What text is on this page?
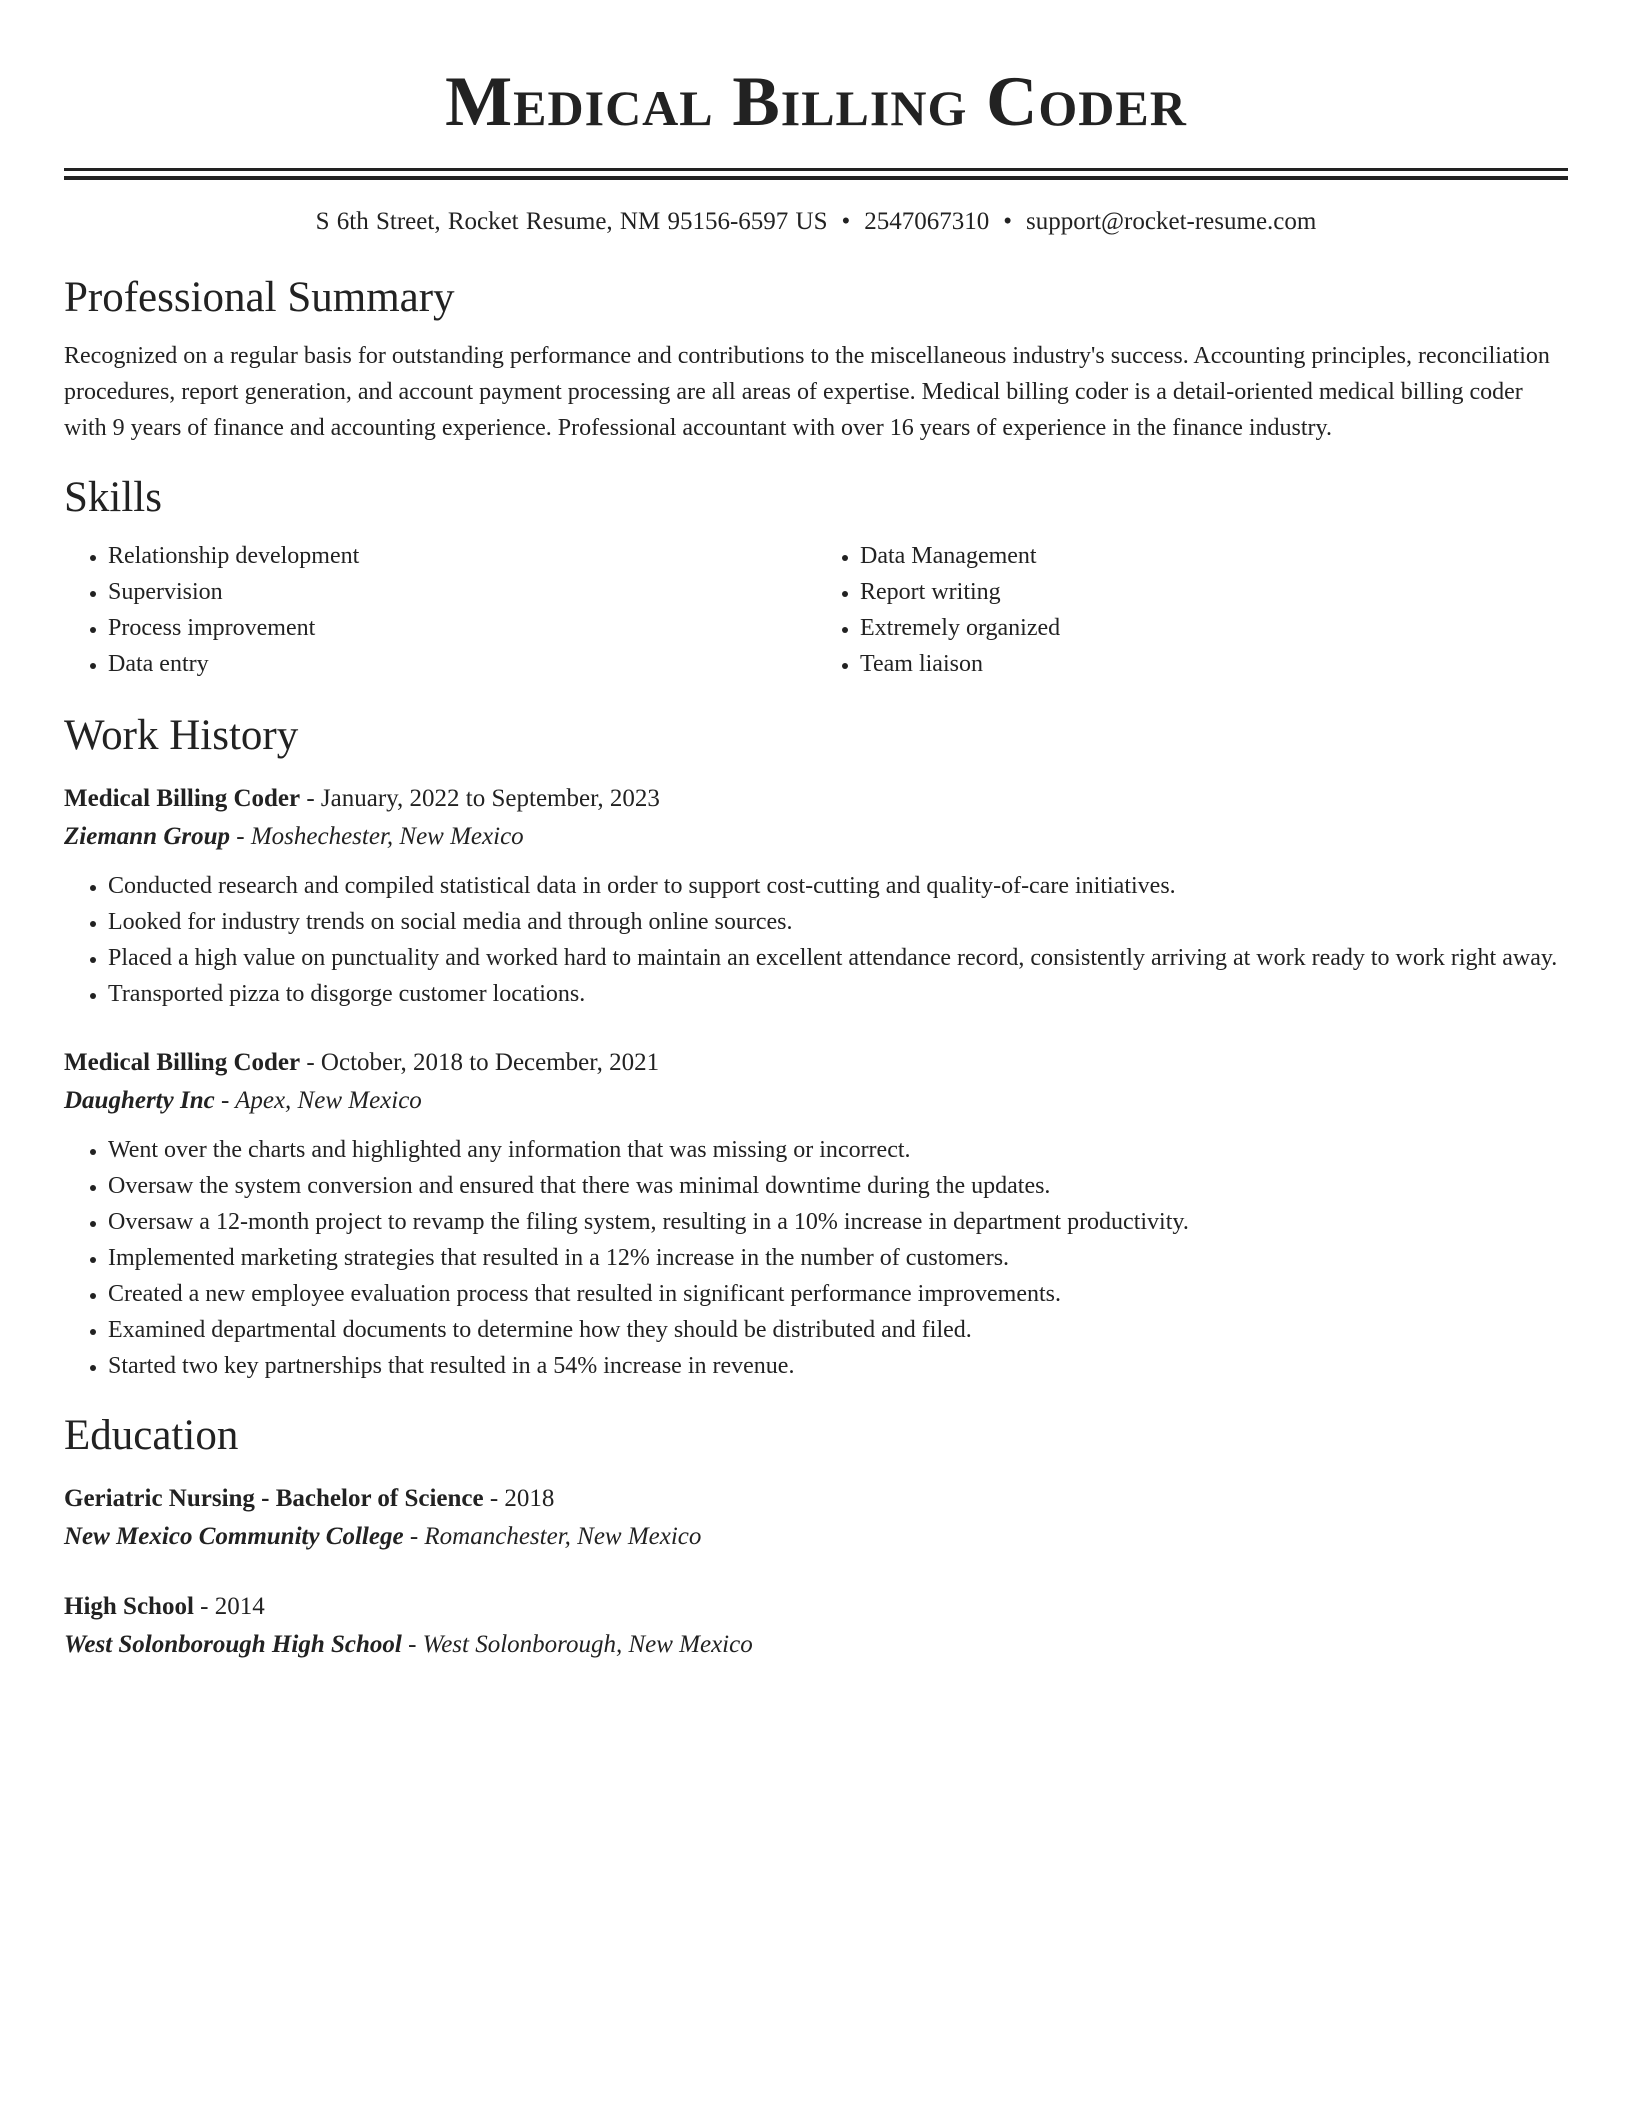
Medical Billing Coder
S 6th Street, Rocket Resume, NM 95156-6597 US • 2547067310 • support@rocket-resume.com
Professional Summary
Recognized on a regular basis for outstanding performance and contributions to the miscellaneous industry's success. Accounting principles, reconciliation procedures, report generation, and account payment processing are all areas of expertise. Medical billing coder is a detail-oriented medical billing coder with 9 years of finance and accounting experience. Professional accountant with over 16 years of experience in the finance industry.
Skills
• Relationship development
• Supervision
• Process improvement
• Data entry
• Data Management
• Report writing
• Extremely organized
• Team liaison
Work History
Medical Billing Coder - January, 2022 to September, 2023
Ziemann Group - Moshechester, New Mexico
• Conducted research and compiled statistical data in order to support cost-cutting and quality-of-care initiatives.
• Looked for industry trends on social media and through online sources.
• Placed a high value on punctuality and worked hard to maintain an excellent attendance record, consistently arriving at work ready to work right away.
• Transported pizza to disgorge customer locations.
Medical Billing Coder - October, 2018 to December, 2021
Daugherty Inc - Apex, New Mexico
• Went over the charts and highlighted any information that was missing or incorrect.
• Oversaw the system conversion and ensured that there was minimal downtime during the updates.
• Oversaw a 12-month project to revamp the filing system, resulting in a 10% increase in department productivity.
• Implemented marketing strategies that resulted in a 12% increase in the number of customers.
• Created a new employee evaluation process that resulted in significant performance improvements.
• Examined departmental documents to determine how they should be distributed and filed.
• Started two key partnerships that resulted in a 54% increase in revenue.
Education
Geriatric Nursing - Bachelor of Science - 2018
New Mexico Community College - Romanchester, New Mexico
High School - 2014
West Solonborough High School - West Solonborough, New Mexico
